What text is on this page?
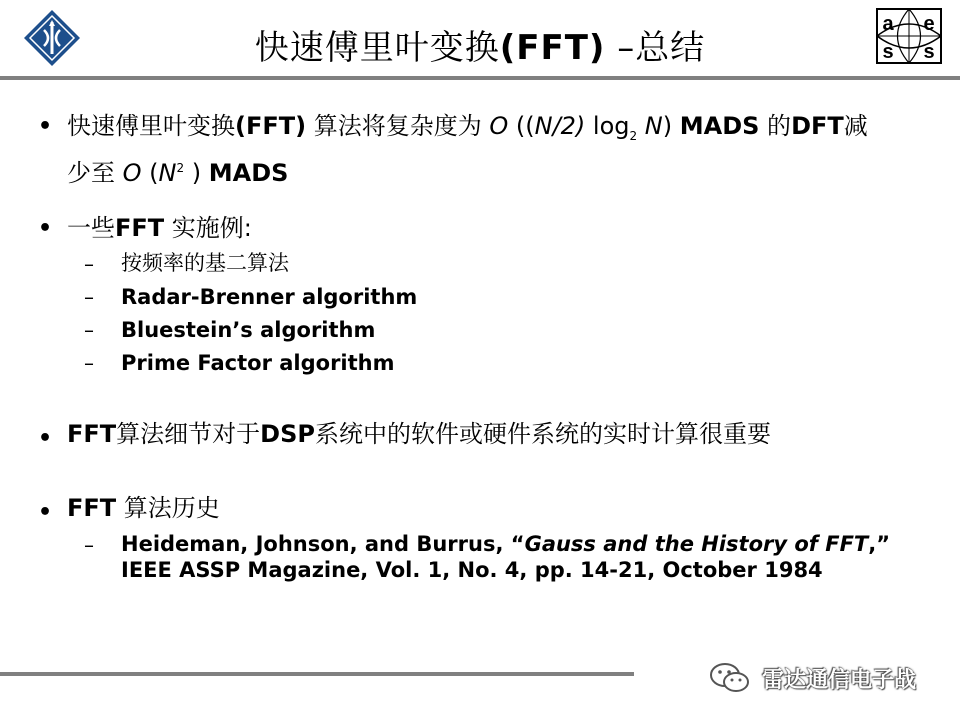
快速傅里叶变换(FFT) –总结
a e
s s
• 快速傅里叶变换(FFT) 算法将复杂度为 O ((N/2) $\log_2 N$) MADS 的DFT减
少至 O ($N^2$ ) MADS
• 一些FFT 实施例:
– 按频率的基二算法
– Radar-Brenner algorithm
– Bluestein’s algorithm
– Prime Factor algorithm
• FFT算法细节对于DSP系统中的软件或硬件系统的实时计算很重要
• FFT 算法历史
– Heideman, Johnson, and Burrus, “Gauss and the History of FFT,”
IEEE ASSP Magazine, Vol. 1, No. 4, pp. 14-21, October 1984
雷达通信电子战
